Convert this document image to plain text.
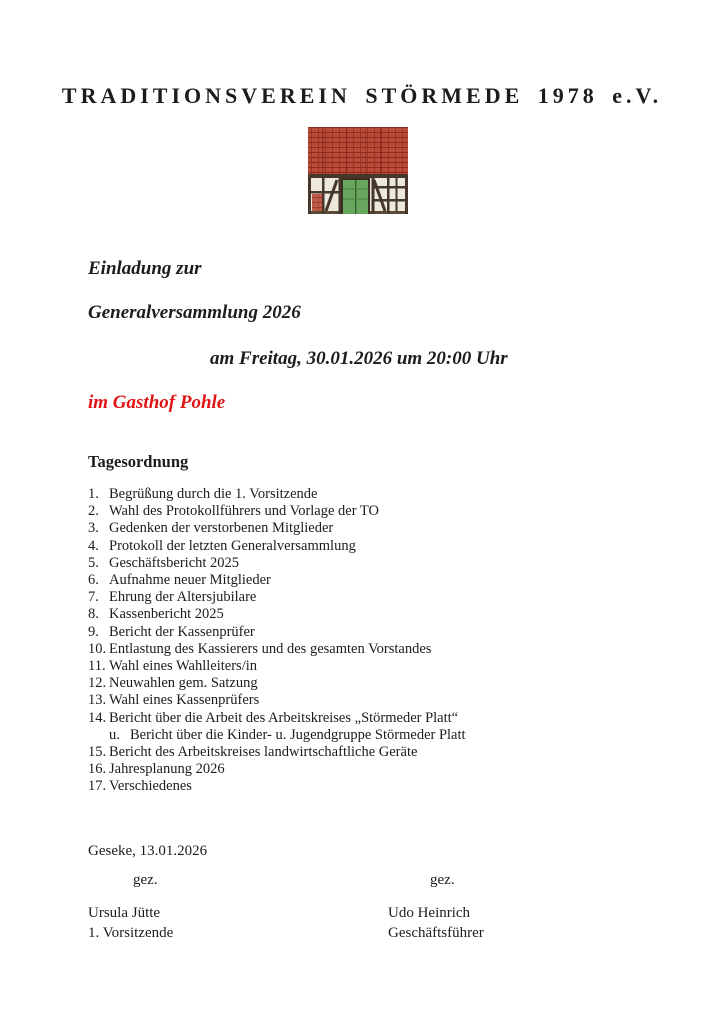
TRADITIONSVEREIN STÖRMEDE 1978 e.V.

Einladung zur

Generalversammlung 2026

am Freitag, 30.01.2026 um 20:00 Uhr

im Gasthof Pohle

Tagesordnung
1. Begrüßung durch die 1. Vorsitzende
2. Wahl des Protokollführers und Vorlage der TO
3. Gedenken der verstorbenen Mitglieder
4. Protokoll der letzten Generalversammlung
5. Geschäftsbericht 2025
6. Aufnahme neuer Mitglieder
7. Ehrung der Altersjubilare
8. Kassenbericht 2025
9. Bericht der Kassenprüfer
10. Entlastung des Kassierers und des gesamten Vorstandes
11. Wahl eines Wahlleiters/in
12. Neuwahlen gem. Satzung
13. Wahl eines Kassenprüfers
14. Bericht über die Arbeit des Arbeitskreises „Störmeder Platt“
u. Bericht über die Kinder- u. Jugendgruppe Störmeder Platt
15. Bericht des Arbeitskreises landwirtschaftliche Geräte
16. Jahresplanung 2026
17. Verschiedenes

Geseke, 13.01.2026

gez.	gez.
Ursula Jütte
1. Vorsitzende
Udo Heinrich
Geschäftsführer
